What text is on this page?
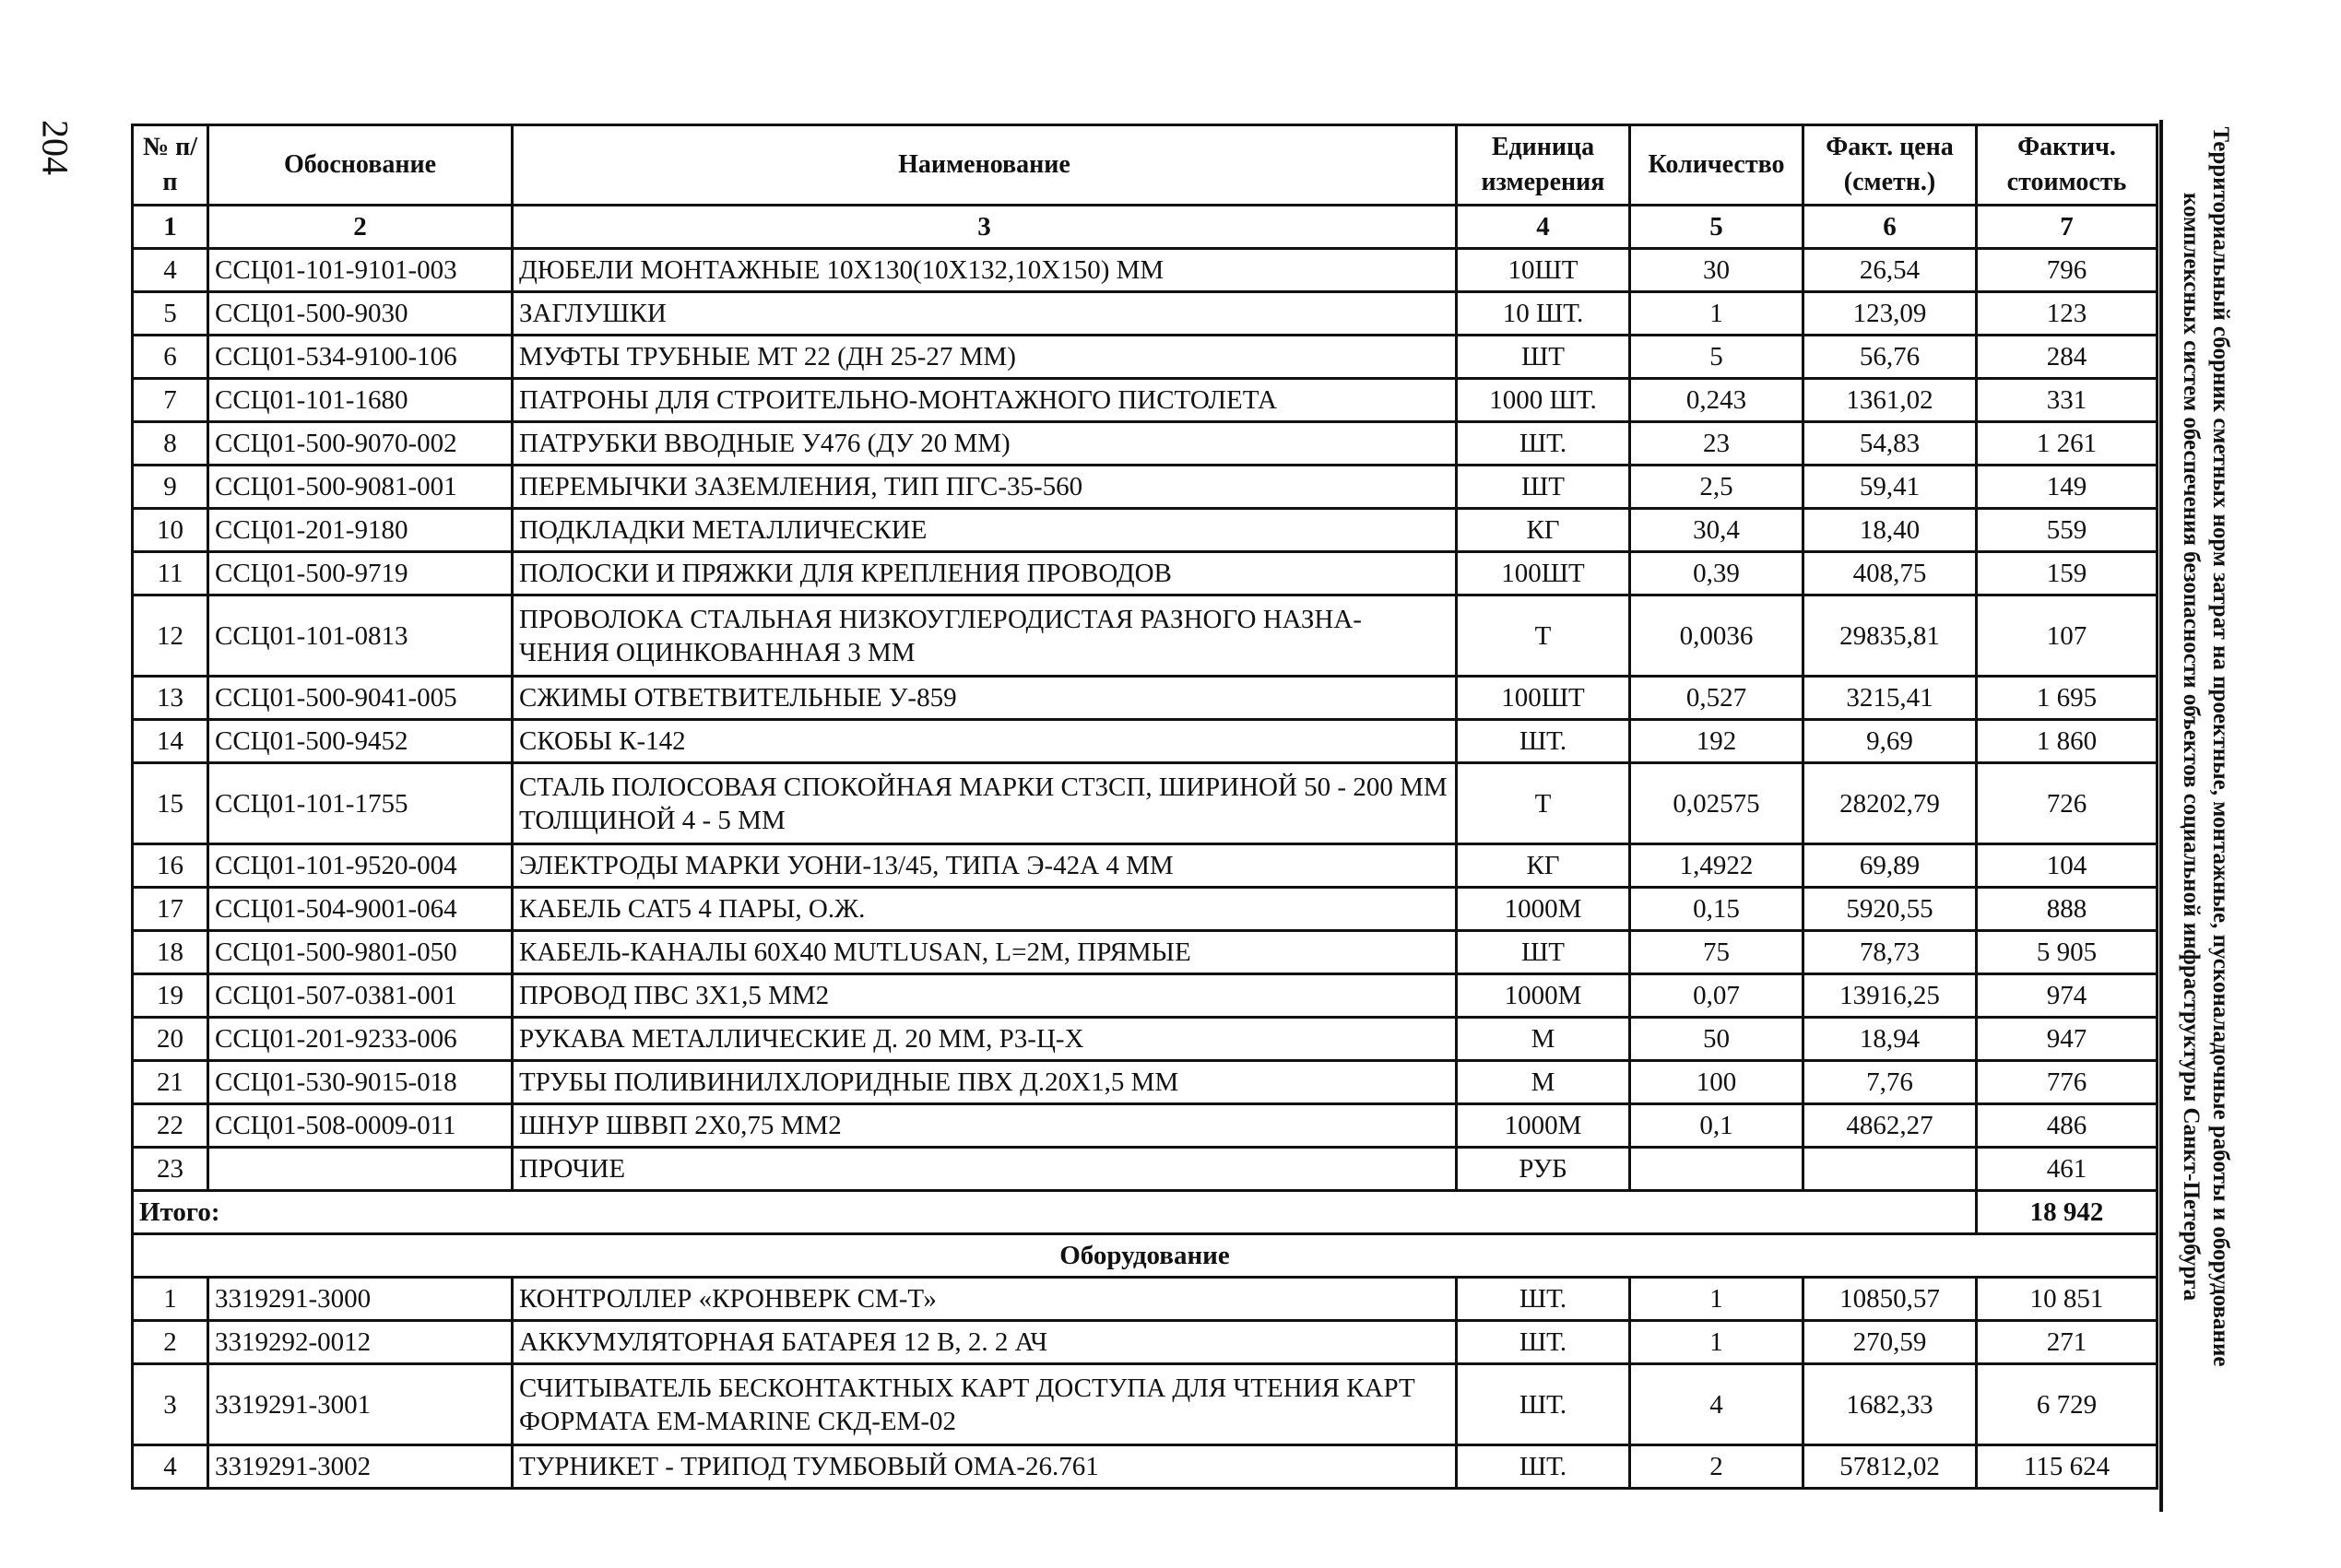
204	Территориальный сборник сметных норм затрат на проектные, монтажные, пусконаладочные работы и оборудование
комплексных систем обеспечения безопасности объектов социальной инфраструктуры Санкт-Петербурга
№ п/п	Обоснование	Наименование	Единица измерения	Количество	Факт. цена (сметн.)	Фактич. стоимость
1	2	3	4	5	6	7
4	ССЦ01-101-9101-003	ДЮБЕЛИ МОНТАЖНЫЕ 10Х130(10Х132,10Х150) ММ	10ШТ	30	26,54	796
5	ССЦ01-500-9030	ЗАГЛУШКИ	10 ШТ.	1	123,09	123
6	ССЦ01-534-9100-106	МУФТЫ ТРУБНЫЕ МТ 22 (ДН 25-27 ММ)	ШТ	5	56,76	284
7	ССЦ01-101-1680	ПАТРОНЫ ДЛЯ СТРОИТЕЛЬНО-МОНТАЖНОГО ПИСТОЛЕТА	1000 ШТ.	0,243	1361,02	331
8	ССЦ01-500-9070-002	ПАТРУБКИ ВВОДНЫЕ У476 (ДУ 20 ММ)	ШТ.	23	54,83	1 261
9	ССЦ01-500-9081-001	ПЕРЕМЫЧКИ ЗАЗЕМЛЕНИЯ, ТИП ПГС-35-560	ШТ	2,5	59,41	149
10	ССЦ01-201-9180	ПОДКЛАДКИ МЕТАЛЛИЧЕСКИЕ	КГ	30,4	18,40	559
11	ССЦ01-500-9719	ПОЛОСКИ И ПРЯЖКИ ДЛЯ КРЕПЛЕНИЯ ПРОВОДОВ	100ШТ	0,39	408,75	159
12	ССЦ01-101-0813	ПРОВОЛОКА СТАЛЬНАЯ НИЗКОУГЛЕРОДИСТАЯ РАЗНОГО НАЗНА-ЧЕНИЯ ОЦИНКОВАННАЯ 3 ММ	Т	0,0036	29835,81	107
13	ССЦ01-500-9041-005	СЖИМЫ ОТВЕТВИТЕЛЬНЫЕ У-859	100ШТ	0,527	3215,41	1 695
14	ССЦ01-500-9452	СКОБЫ К-142	ШТ.	192	9,69	1 860
15	ССЦ01-101-1755	СТАЛЬ ПОЛОСОВАЯ СПОКОЙНАЯ МАРКИ СТ3СП, ШИРИНОЙ 50 - 200 ММ ТОЛЩИНОЙ 4 - 5 ММ	Т	0,02575	28202,79	726
16	ССЦ01-101-9520-004	ЭЛЕКТРОДЫ МАРКИ УОНИ-13/45, ТИПА Э-42А 4 ММ	КГ	1,4922	69,89	104
17	ССЦ01-504-9001-064	КАБЕЛЬ CAT5 4 ПАРЫ, О.Ж.	1000М	0,15	5920,55	888
18	ССЦ01-500-9801-050	КАБЕЛЬ-КАНАЛЫ 60Х40 MUTLUSAN, L=2М, ПРЯМЫЕ	ШТ	75	78,73	5 905
19	ССЦ01-507-0381-001	ПРОВОД ПВС 3Х1,5 ММ2	1000М	0,07	13916,25	974
20	ССЦ01-201-9233-006	РУКАВА МЕТАЛЛИЧЕСКИЕ Д. 20 ММ, Р3-Ц-Х	М	50	18,94	947
21	ССЦ01-530-9015-018	ТРУБЫ ПОЛИВИНИЛХЛОРИДНЫЕ ПВХ Д.20Х1,5 ММ	М	100	7,76	776
22	ССЦ01-508-0009-011	ШНУР ШВВП 2Х0,75 ММ2	1000М	0,1	4862,27	486
23		ПРОЧИЕ	РУБ			461
Итого:						18 942
Оборудование						
1	3319291-3000	КОНТРОЛЛЕР «КРОНВЕРК СМ-Т»	ШТ.	1	10850,57	10 851
2	3319292-0012	АККУМУЛЯТОРНАЯ БАТАРЕЯ 12 В, 2. 2 АЧ	ШТ.	1	270,59	271
3	3319291-3001	СЧИТЫВАТЕЛЬ БЕСКОНТАКТНЫХ КАРТ ДОСТУПА ДЛЯ ЧТЕНИЯ КАРТ ФОРМАТА EM-MARINE СКД-ЕМ-02	ШТ.	4	1682,33	6 729
4	3319291-3002	ТУРНИКЕТ - ТРИПОД ТУМБОВЫЙ ОМА-26.761	ШТ.	2	57812,02	115 624
